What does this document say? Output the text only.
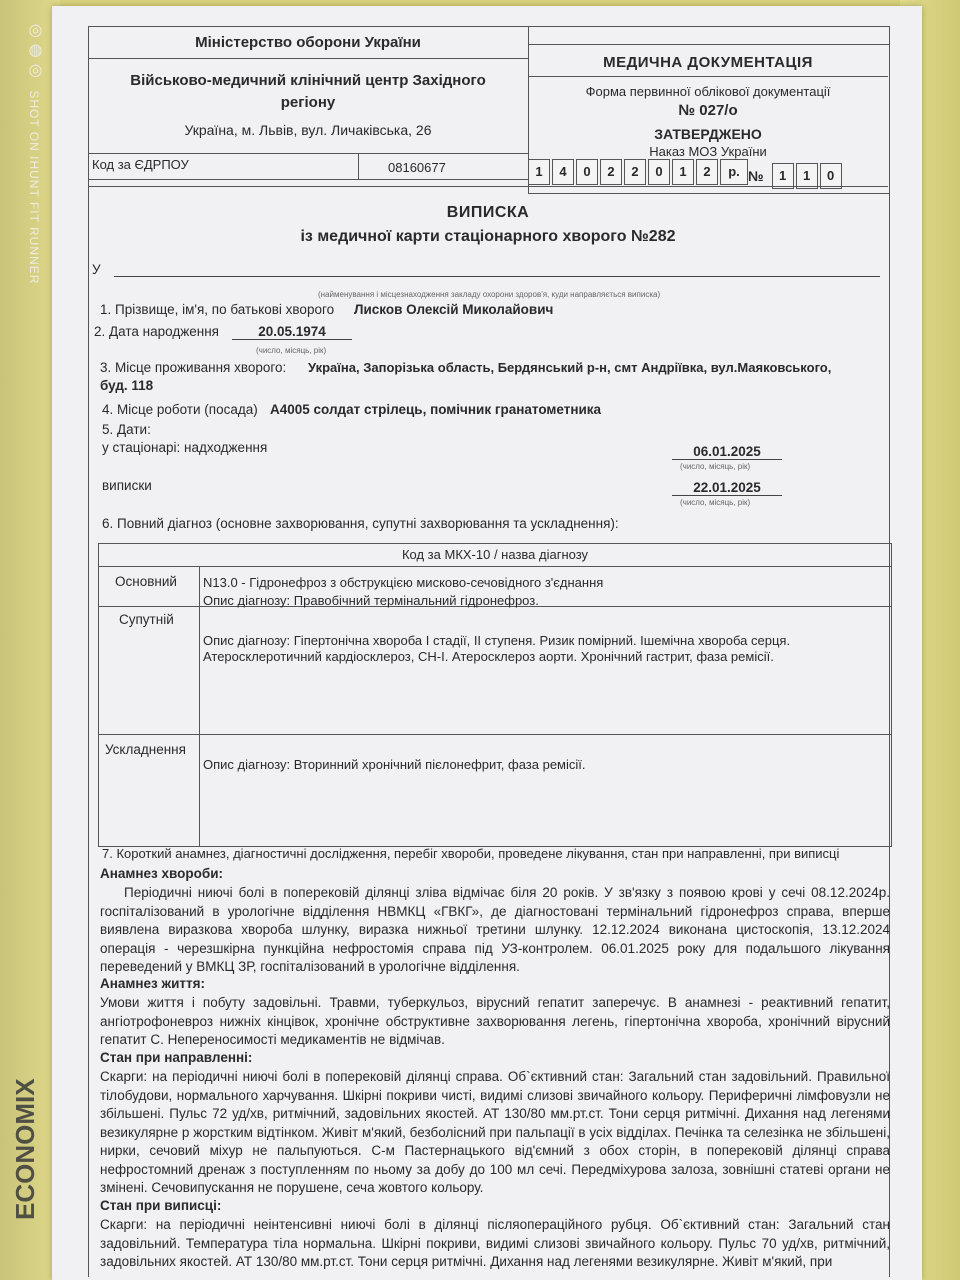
◎◍◎ SHOT ON IHUNT FIT RUNNER
ECONOMIX
Міністерство оборони України
Військово-медичний клінічний центр Західного
регіону
Україна, м. Львів, вул. Личаківська, 26
Код за ЄДРПОУ	08160677
МЕДИЧНА ДОКУМЕНТАЦІЯ
Форма первинної облікової документації
№ 027/о
ЗАТВЕРДЖЕНО
Наказ МОЗ України
1	4	0	2	2	0	1	2	р. №	1	1	0
ВИПИСКА
із медичної карти стаціонарного хворого №282
У
(найменування і місцезнаходження закладу охорони здоров'я, куди направляється виписка)
1. Прізвище, ім'я, по батькові хворого Лисков Олексій Миколайович
2. Дата народження	20.05.1974
(число, місяць, рік)
3. Місце проживання хворого: Україна, Запорізька область, Бердянський р-н, смт Андріївка, вул.Маяковського,
буд. 118
4. Місце роботи (посада) А4005 солдат стрілець, помічник гранатометника
5. Дати:
у стаціонарі: надходження	06.01.2025
(число, місяць, рік)
виписки	22.01.2025
(число, місяць, рік)
6. Повний діагноз (основне захворювання, супутні захворювання та ускладнення):
Код за МКХ-10 / назва діагнозу
Основний N13.0 - Гідронефроз з обструкцією мисково-сечовідного з'єднання
Опис діагнозу: Правобічний термінальний гідронефроз.
Супутній
Опис діагнозу: Гіпертонічна хвороба І стадії, ІІ ступеня. Ризик помірний. Ішемічна хвороба серця.
Атеросклеротичний кардіосклероз, СН-І. Атеросклероз аорти. Хронічний гастрит, фаза ремісії.
Ускладнення
Опис діагнозу: Вторинний хронічний пієлонефрит, фаза ремісії.
7. Короткий анамнез, діагностичні дослідження, перебіг хвороби, проведене лікування, стан при направленні, при виписці
Анамнез хвороби:
Періодичні ниючі болі в поперековій ділянці зліва відмічає біля 20 років. У зв'язку з появою крові у сечі 08.12.2024р. госпіталізований в урологічне відділення НВМКЦ «ГВКГ», де діагностовані термінальний гідронефроз справа, вперше виявлена виразкова хвороба шлунку, виразка нижньої третини шлунку. 12.12.2024 виконана цистоскопія, 13.12.2024 операція - черезшкірна пункційна нефростомія справа під УЗ-контролем. 06.01.2025 року для подальшого лікування переведений у ВМКЦ ЗР, госпіталізований в урологічне відділення.
Анамнез життя:
Умови життя і побуту задовільні. Травми, туберкульоз, вірусний гепатит заперечує. В анамнезі - реактивний гепатит, ангіотрофоневроз нижніх кінцівок, хронічне обструктивне захворювання легень, гіпертонічна хвороба, хронічний вірусний гепатит С. Непереносимості медикаментів не відмічав.
Стан при направленні:
Скарги: на періодичні ниючі болі в поперековій ділянці справа. Об`єктивний стан: Загальний стан задовільний. Правильної тілобудови, нормального харчування. Шкірні покриви чисті, видимі слизові звичайного кольору. Периферичні лімфовузли не збільшені. Пульс 72 уд/хв, ритмічний, задовільних якостей. АТ 130/80 мм.рт.ст. Тони серця ритмічні. Дихання над легенями везикулярне р жорстким відтінком. Живіт м'який, безболісний при пальпації в усіх відділах. Печінка та селезінка не збільшені, нирки, сечовий міхур не пальпуються. С-м Пастернацького від'ємний з обох сторін, в поперековій ділянці справа нефростомний дренаж з поступленням по ньому за добу до 100 мл сечі. Передміхурова залоза, зовнішні статеві органи не змінені. Сечовипускання не порушене, сеча жовтого кольору.
Стан при виписці:
Скарги: на періодичні неінтенсивні ниючі болі в ділянці післяопераційного рубця. Об`єктивний стан: Загальний стан задовільний. Температура тіла нормальна. Шкірні покриви, видимі слизові звичайного кольору. Пульс 70 уд/хв, ритмічний, задовільних якостей. АТ 130/80 мм.рт.ст. Тони серця ритмічні. Дихання над легенями везикулярне. Живіт м'який, при
